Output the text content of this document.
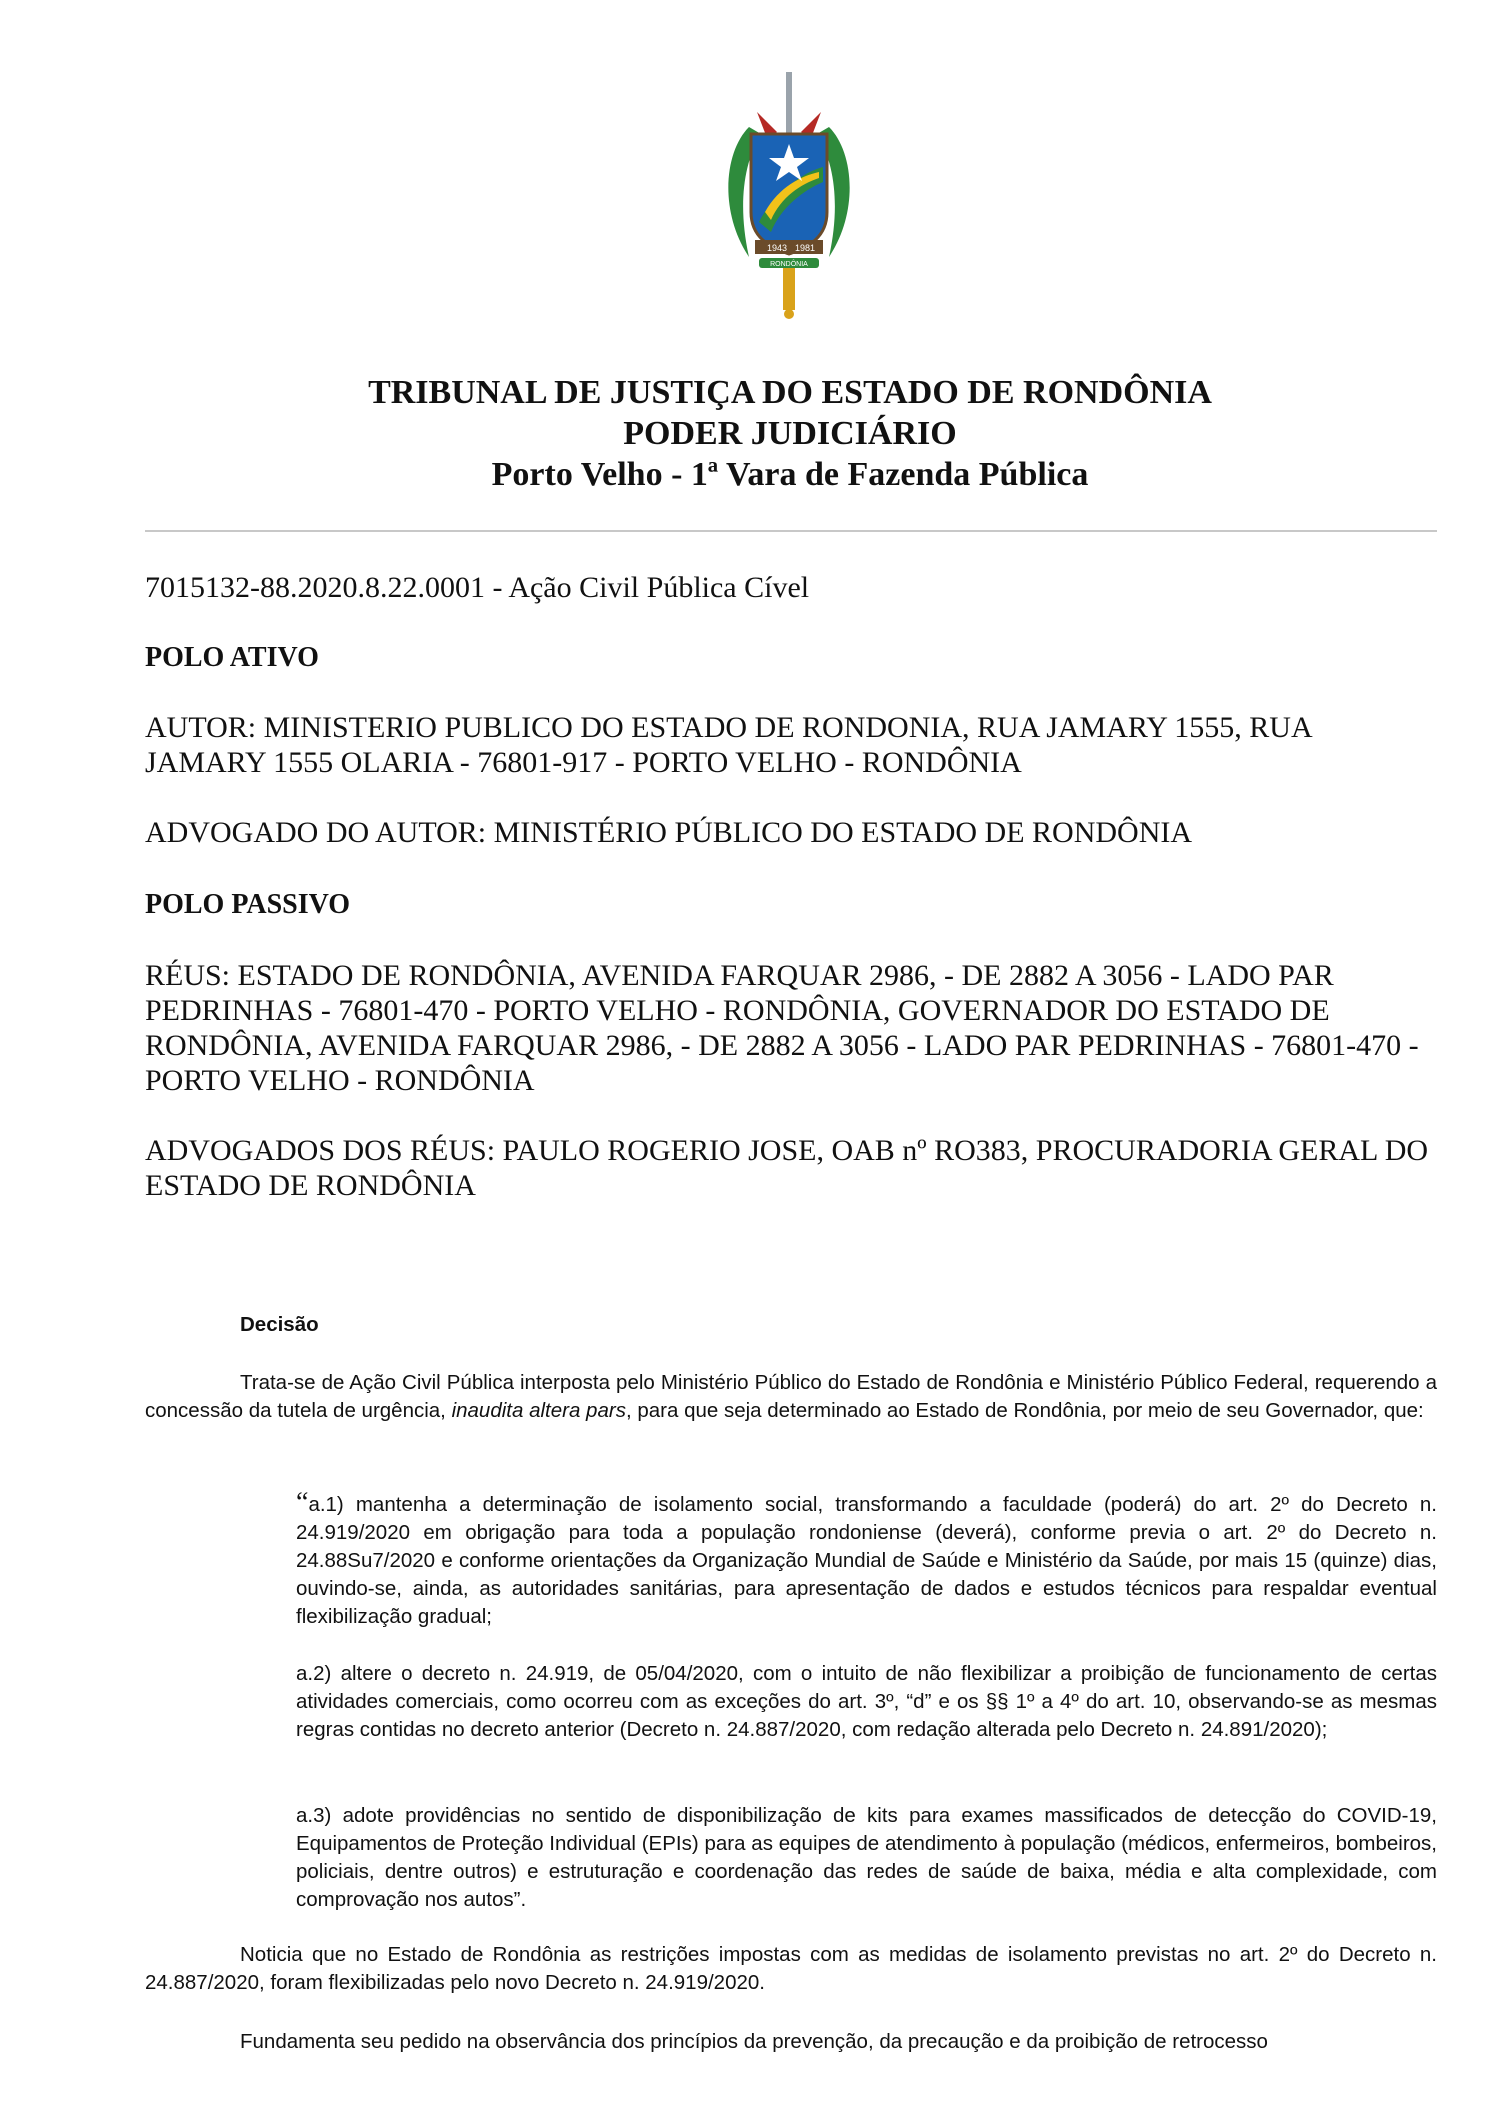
1943 1981
RONDÔNIA
TRIBUNAL DE JUSTIÇA DO ESTADO DE RONDÔNIA
PODER JUDICIÁRIO
Porto Velho - 1ª Vara de Fazenda Pública

7015132-88.2020.8.22.0001 - Ação Civil Pública Cível

POLO ATIVO

AUTOR: MINISTERIO PUBLICO DO ESTADO DE RONDONIA, RUA JAMARY 1555, RUA JAMARY 1555 OLARIA - 76801-917 - PORTO VELHO - RONDÔNIA

ADVOGADO DO AUTOR: MINISTÉRIO PÚBLICO DO ESTADO DE RONDÔNIA

POLO PASSIVO

RÉUS: ESTADO DE RONDÔNIA, AVENIDA FARQUAR 2986, - DE 2882 A 3056 - LADO PAR PEDRINHAS - 76801-470 - PORTO VELHO - RONDÔNIA, GOVERNADOR DO ESTADO DE RONDÔNIA, AVENIDA FARQUAR 2986, - DE 2882 A 3056 - LADO PAR PEDRINHAS - 76801-470 - PORTO VELHO - RONDÔNIA

ADVOGADOS DOS RÉUS: PAULO ROGERIO JOSE, OAB nº RO383, PROCURADORIA GERAL DO ESTADO DE RONDÔNIA

Decisão

Trata-se de Ação Civil Pública interposta pelo Ministério Público do Estado de Rondônia e Ministério Público Federal, requerendo a concessão da tutela de urgência, inaudita altera pars, para que seja determinado ao Estado de Rondônia, por meio de seu Governador, que:

“a.1) mantenha a determinação de isolamento social, transformando a faculdade (poderá) do art. 2º do Decreto n. 24.919/2020 em obrigação para toda a população rondoniense (deverá), conforme previa o art. 2º do Decreto n. 24.88Su7/2020 e conforme orientações da Organização Mundial de Saúde e Ministério da Saúde, por mais 15 (quinze) dias, ouvindo-se, ainda, as autoridades sanitárias, para apresentação de dados e estudos técnicos para respaldar eventual flexibilização gradual;

a.2) altere o decreto n. 24.919, de 05/04/2020, com o intuito de não flexibilizar a proibição de funcionamento de certas atividades comerciais, como ocorreu com as exceções do art. 3º, “d” e os §§ 1º a 4º do art. 10, observando-se as mesmas regras contidas no decreto anterior (Decreto n. 24.887/2020, com redação alterada pelo Decreto n. 24.891/2020);

a.3) adote providências no sentido de disponibilização de kits para exames massificados de detecção do COVID-19, Equipamentos de Proteção Individual (EPIs) para as equipes de atendimento à população (médicos, enfermeiros, bombeiros, policiais, dentre outros) e estruturação e coordenação das redes de saúde de baixa, média e alta complexidade, com comprovação nos autos”.

Noticia que no Estado de Rondônia as restrições impostas com as medidas de isolamento previstas no art. 2º do Decreto n. 24.887/2020, foram flexibilizadas pelo novo Decreto n. 24.919/2020.

Fundamenta seu pedido na observância dos princípios da prevenção, da precaução e da proibição de retrocesso
